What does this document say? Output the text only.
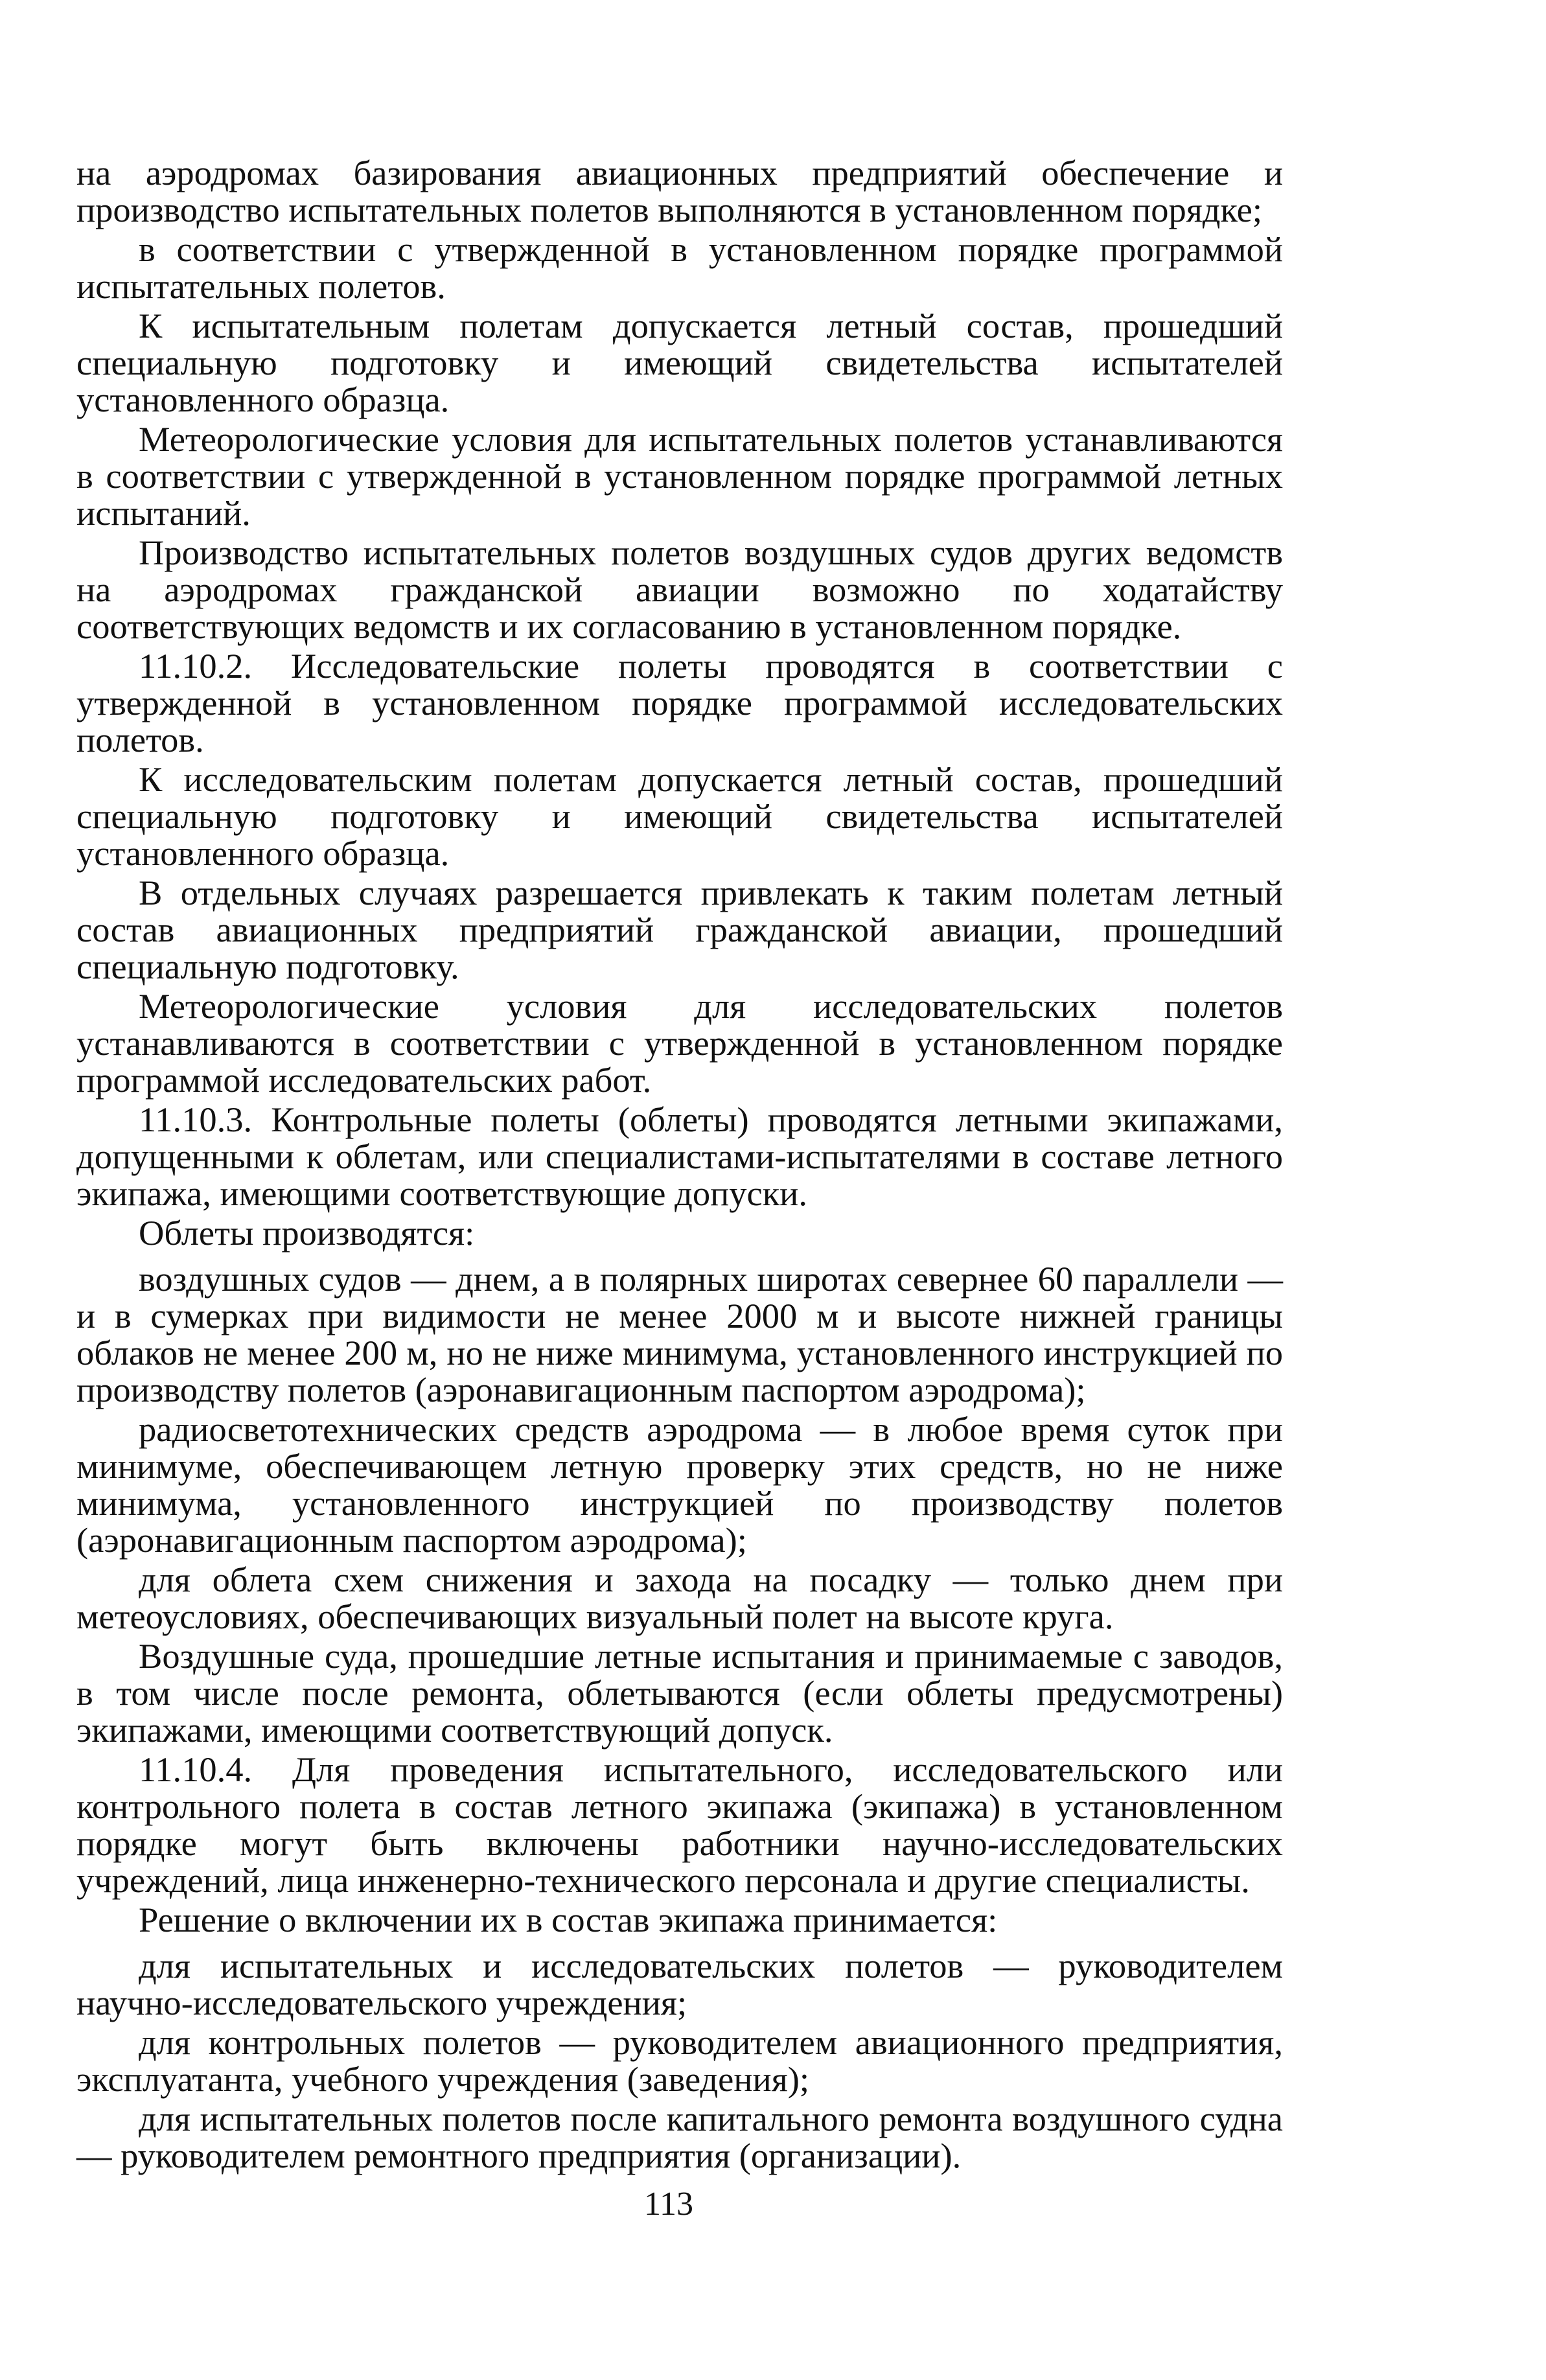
на аэродромах базирования авиационных предприятий обеспечение и производство испытательных полетов выполняются в установленном порядке;

в соответствии с утвержденной в установленном порядке программой испытательных полетов.

К испытательным полетам допускается летный состав, прошедший специальную подготовку и имеющий свидетельства испытателей установленного образца.

Метеорологические условия для испытательных полетов устанавливаются в соответствии с утвержденной в установленном порядке программой летных испытаний.

Производство испытательных полетов воздушных судов других ведомств на аэродромах гражданской авиации возможно по ходатайству соответствующих ведомств и их согласованию в установленном порядке.

11.10.2. Исследовательские полеты проводятся в соответствии с утвержденной в установленном порядке программой исследовательских полетов.

К исследовательским полетам допускается летный состав, прошедший специальную подготовку и имеющий свидетельства испытателей установленного образца.

В отдельных случаях разрешается привлекать к таким полетам летный состав авиационных предприятий гражданской авиации, прошедший специальную подготовку.

Метеорологические условия для исследовательских полетов устанавливаются в соответствии с утвержденной в установленном порядке программой исследовательских работ.

11.10.3. Контрольные полеты (облеты) проводятся летными экипажами, допущенными к облетам, или специалистами-испытателями в составе летного экипажа, имеющими соответствующие допуски.

Облеты производятся:

воздушных судов — днем, а в полярных широтах севернее 60 параллели — и в сумерках при видимости не менее 2000 м и высоте нижней границы облаков не менее 200 м, но не ниже минимума, установленного инструкцией по производству полетов (аэронавигационным паспортом аэродрома);

радиосветотехнических средств аэродрома — в любое время суток при минимуме, обеспечивающем летную проверку этих средств, но не ниже минимума, установленного инструкцией по производству полетов (аэронавигационным паспортом аэродрома);

для облета схем снижения и захода на посадку — только днем при метеоусловиях, обеспечивающих визуальный полет на высоте круга.

Воздушные суда, прошедшие летные испытания и принимаемые с заводов, в том числе после ремонта, облетываются (если облеты предусмотрены) экипажами, имеющими соответствующий допуск.

11.10.4. Для проведения испытательного, исследовательского или контрольного полета в состав летного экипажа (экипажа) в установленном порядке могут быть включены работники научно-исследовательских учреждений, лица инженерно-технического персонала и другие специалисты.

Решение о включении их в состав экипажа принимается:

для испытательных и исследовательских полетов — руководителем научно-исследовательского учреждения;

для контрольных полетов — руководителем авиационного предприятия, эксплуатанта, учебного учреждения (заведения);

для испытательных полетов после капитального ремонта воздушного судна — руководителем ремонтного предприятия (организации).

113
